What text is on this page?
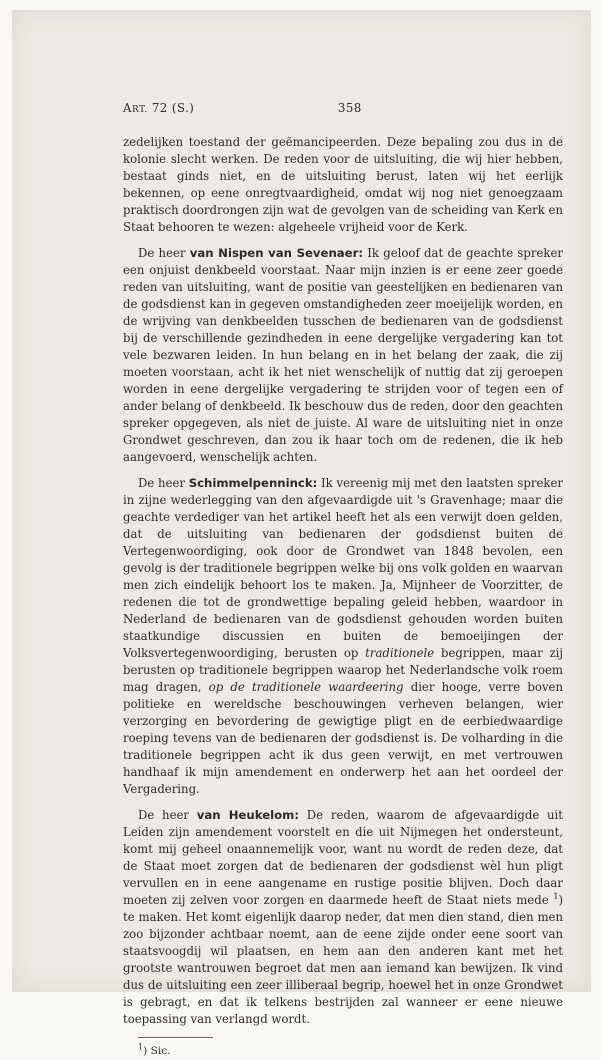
ART. 72 (S.)	358

zedelijken toestand der geëmancipeerden. Deze bepaling zou dus in de kolonie slecht werken. De reden voor de uitsluiting, die wij hier hebben, bestaat ginds niet, en de uitsluiting berust, laten wij het eerlijk bekennen, op eene onregtvaardigheid, omdat wij nog niet genoegzaam praktisch doordrongen zijn wat de gevolgen van de scheiding van Kerk en Staat behooren te wezen: algeheele vrijheid voor de Kerk.

De heer van Nispen van Sevenaer: Ik geloof dat de geachte spreker een onjuist denkbeeld voorstaat. Naar mijn inzien is er eene zeer goede reden van uitsluiting, want de positie van geestelijken en bedienaren van de godsdienst kan in gegeven omstandigheden zeer moeijelijk worden, en de wrijving van denkbeelden tusschen de bedienaren van de godsdienst bij de verschillende gezindheden in eene dergelijke vergadering kan tot vele bezwaren leiden. In hun belang en in het belang der zaak, die zij moeten voorstaan, acht ik het niet wenschelijk of nuttig dat zij geroepen worden in eene dergelijke vergadering te strijden voor of tegen een of ander belang of denkbeeld. Ik beschouw dus de reden, door den geachten spreker opgegeven, als niet de juiste. Al ware de uitsluiting niet in onze Grondwet geschreven, dan zou ik haar toch om de redenen, die ik heb aangevoerd, wenschelijk achten.

De heer Schimmelpenninck: Ik vereenig mij met den laatsten spreker in zijne wederlegging van den afgevaardigde uit 's Gravenhage; maar die geachte verdediger van het artikel heeft het als een verwijt doen gelden, dat de uitsluiting van bedienaren der godsdienst buiten de Vertegenwoordiging, ook door de Grondwet van 1848 bevolen, een gevolg is der traditionele begrippen welke bij ons volk golden en waarvan men zich eindelijk behoort los te maken. Ja, Mijnheer de Voorzitter, de redenen die tot de grondwettige bepaling geleid hebben, waardoor in Nederland de bedienaren van de godsdienst gehouden worden buiten staatkundige discussien en buiten de bemoeijingen der Volksvertegenwoordiging, berusten op traditionele begrippen, maar zij berusten op traditionele begrippen waarop het Nederlandsche volk roem mag dragen, op de traditionele waardeering dier hooge, verre boven politieke en wereldsche beschouwingen verheven belangen, wier verzorging en bevordering de gewigtige pligt en de eerbiedwaardige roeping tevens van de bedienaren der godsdienst is. De volharding in die traditionele begrippen acht ik dus geen verwijt, en met vertrouwen handhaaf ik mijn amendement en onderwerp het aan het oordeel der Vergadering.

De heer van Heukelom: De reden, waarom de afgevaardigde uit Leiden zijn amendement voorstelt en die uit Nijmegen het ondersteunt, komt mij geheel onaannemelijk voor, want nu wordt de reden deze, dat de Staat moet zorgen dat de bedienaren der godsdienst wèl hun pligt vervullen en in eene aangename en rustige positie blijven. Doch daar moeten zij zelven voor zorgen en daarmede heeft de Staat niets mede $^1$) te maken. Het komt eigenlijk daarop neder, dat men dien stand, dien men zoo bijzonder achtbaar noemt, aan de eene zijde onder eene soort van staatsvoogdij wil plaatsen, en hem aan den anderen kant met het grootste wantrouwen begroet dat men aan iemand kan bewijzen. Ik vind dus de uitsluiting een zeer illiberaal begrip, hoewel het in onze Grondwet is gebragt, en dat ik telkens bestrijden zal wanneer er eene nieuwe toepassing van verlangd wordt.

$^1$) Sic.
